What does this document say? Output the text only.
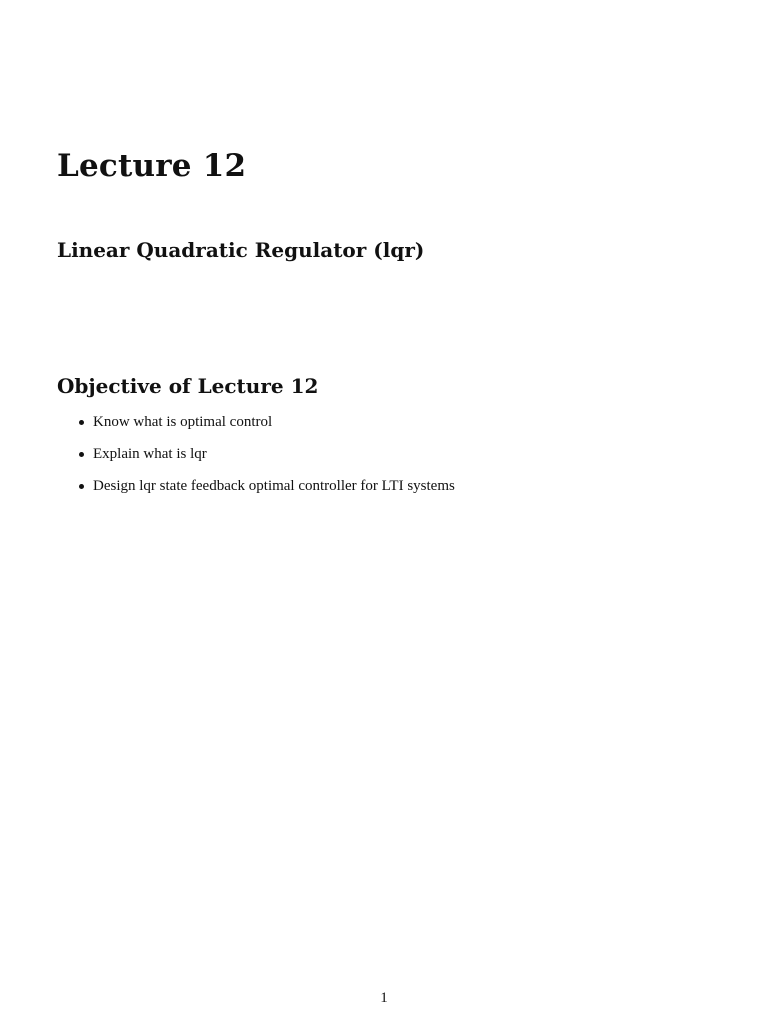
Lecture 12
Linear Quadratic Regulator (lqr)
Objective of Lecture 12
Know what is optimal control
Explain what is lqr
Design lqr state feedback optimal controller for LTI systems
1
